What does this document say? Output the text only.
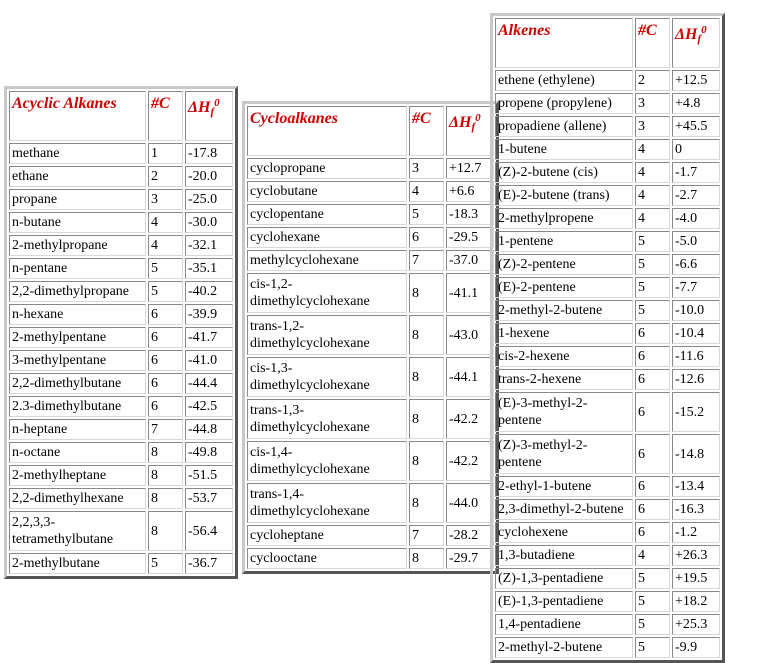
Acyclic Alkanes	#C	$\Delta H_f^0$
methane	1	-17.8
ethane	2	-20.0
propane	3	-25.0
n-butane	4	-30.0
2-methylpropane	4	-32.1
n-pentane	5	-35.1
2,2-dimethylpropane	5	-40.2
n-hexane	6	-39.9
2-methylpentane	6	-41.7
3-methylpentane	6	-41.0
2,2-dimethylbutane	6	-44.4
2.3-dimethylbutane	6	-42.5
n-heptane	7	-44.8
n-octane	8	-49.8
2-methylheptane	8	-51.5
2,2-dimethylhexane	8	-53.7
2,2,3,3-tetramethylbutane	8	-56.4
2-methylbutane	5	-36.7
Cycloalkanes	#C	$\Delta H_f^0$
cyclopropane	3	+12.7
cyclobutane	4	+6.6
cyclopentane	5	-18.3
cyclohexane	6	-29.5
methylcyclohexane	7	-37.0
cis-1,2-dimethylcyclohexane	8	-41.1
trans-1,2-dimethylcyclohexane	8	-43.0
cis-1,3-dimethylcyclohexane	8	-44.1
trans-1,3-dimethylcyclohexane	8	-42.2
cis-1,4-dimethylcyclohexane	8	-42.2
trans-1,4-dimethylcyclohexane	8	-44.0
cycloheptane	7	-28.2
cyclooctane	8	-29.7
Alkenes	#C	$\Delta H_f^0$
ethene (ethylene)	2	+12.5
propene (propylene)	3	+4.8
propadiene (allene)	3	+45.5
1-butene	4	0
(Z)-2-butene (cis)	4	-1.7
(E)-2-butene (trans)	4	-2.7
2-methylpropene	4	-4.0
1-pentene	5	-5.0
(Z)-2-pentene	5	-6.6
(E)-2-pentene	5	-7.7
2-methyl-2-butene	5	-10.0
1-hexene	6	-10.4
cis-2-hexene	6	-11.6
trans-2-hexene	6	-12.6
(E)-3-methyl-2-pentene	6	-15.2
(Z)-3-methyl-2-pentene	6	-14.8
2-ethyl-1-butene	6	-13.4
2,3-dimethyl-2-butene	6	-16.3
cyclohexene	6	-1.2
1,3-butadiene	4	+26.3
(Z)-1,3-pentadiene	5	+19.5
(E)-1,3-pentadiene	5	+18.2
1,4-pentadiene	5	+25.3
2-methyl-2-butene	5	-9.9
